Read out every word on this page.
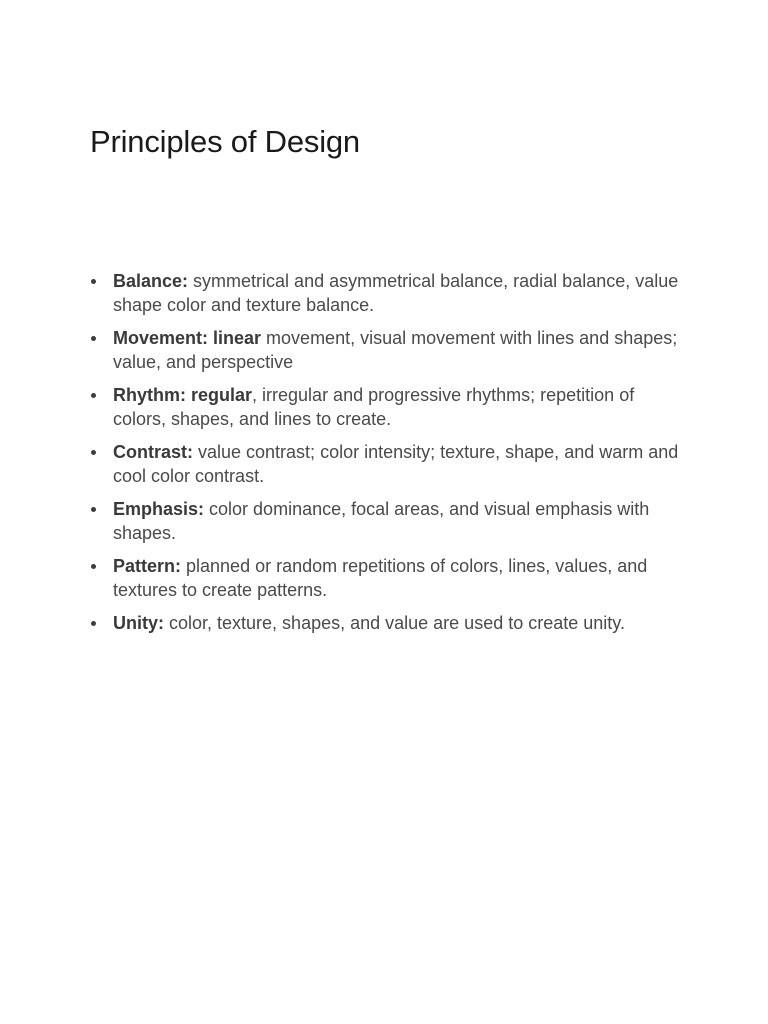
Principles of Design
Balance: symmetrical and asymmetrical balance, radial balance, value shape color and texture balance.
Movement: linear movement, visual movement with lines and shapes; value, and perspective
Rhythm: regular, irregular and progressive rhythms; repetition of colors, shapes, and lines to create.
Contrast: value contrast; color intensity; texture, shape, and warm and cool color contrast.
Emphasis: color dominance, focal areas, and visual emphasis with shapes.
Pattern: planned or random repetitions of colors, lines, values, and textures to create patterns.
Unity: color, texture, shapes, and value are used to create unity.
